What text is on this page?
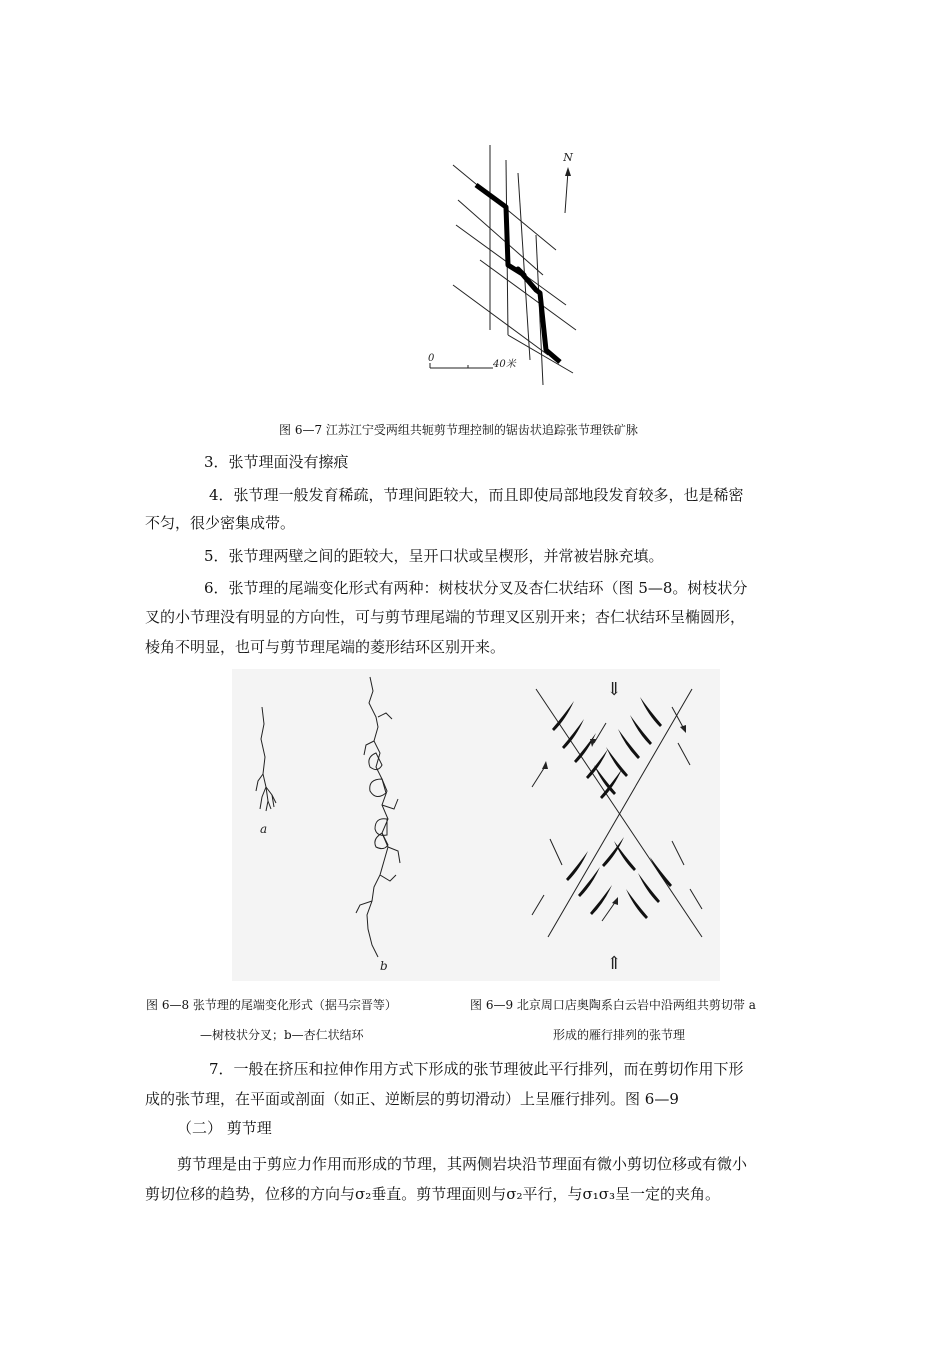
N
0
40米
图 6—7 江苏江宁受两组共轭剪节理控制的锯齿状追踪张节理铁矿脉
3．张节理面没有擦痕
4．张节理一般发育稀疏，节理间距较大，而且即使局部地段发育较多，也是稀密
不匀，很少密集成带。
5．张节理两壁之间的距较大，呈开口状或呈楔形，并常被岩脉充填。
6．张节理的尾端变化形式有两种：树枝状分叉及杏仁状结环（图 5—8。树枝状分
叉的小节理没有明显的方向性，可与剪节理尾端的节理叉区别开来；杏仁状结环呈椭圆形，
棱角不明显，也可与剪节理尾端的菱形结环区别开来。
a
b
⇓
⇑
图 6—8 张节理的尾端变化形式（据马宗晋等）
—树枝状分叉；b—杏仁状结环
图 6—9 北京周口店奥陶系白云岩中沿两组共剪切带 a
形成的雁行排列的张节理
7．一般在挤压和拉伸作用方式下形成的张节理彼此平行排列，而在剪切作用下形
成的张节理，在平面或剖面（如正、逆断层的剪切滑动）上呈雁行排列。图 6—9
（二） 剪节理
剪节理是由于剪应力作用而形成的节理，其两侧岩块沿节理面有微小剪切位移或有微小
剪切位移的趋势，位移的方向与σ₂垂直。剪节理面则与σ₂平行，与σ₁σ₃呈一定的夹角。
